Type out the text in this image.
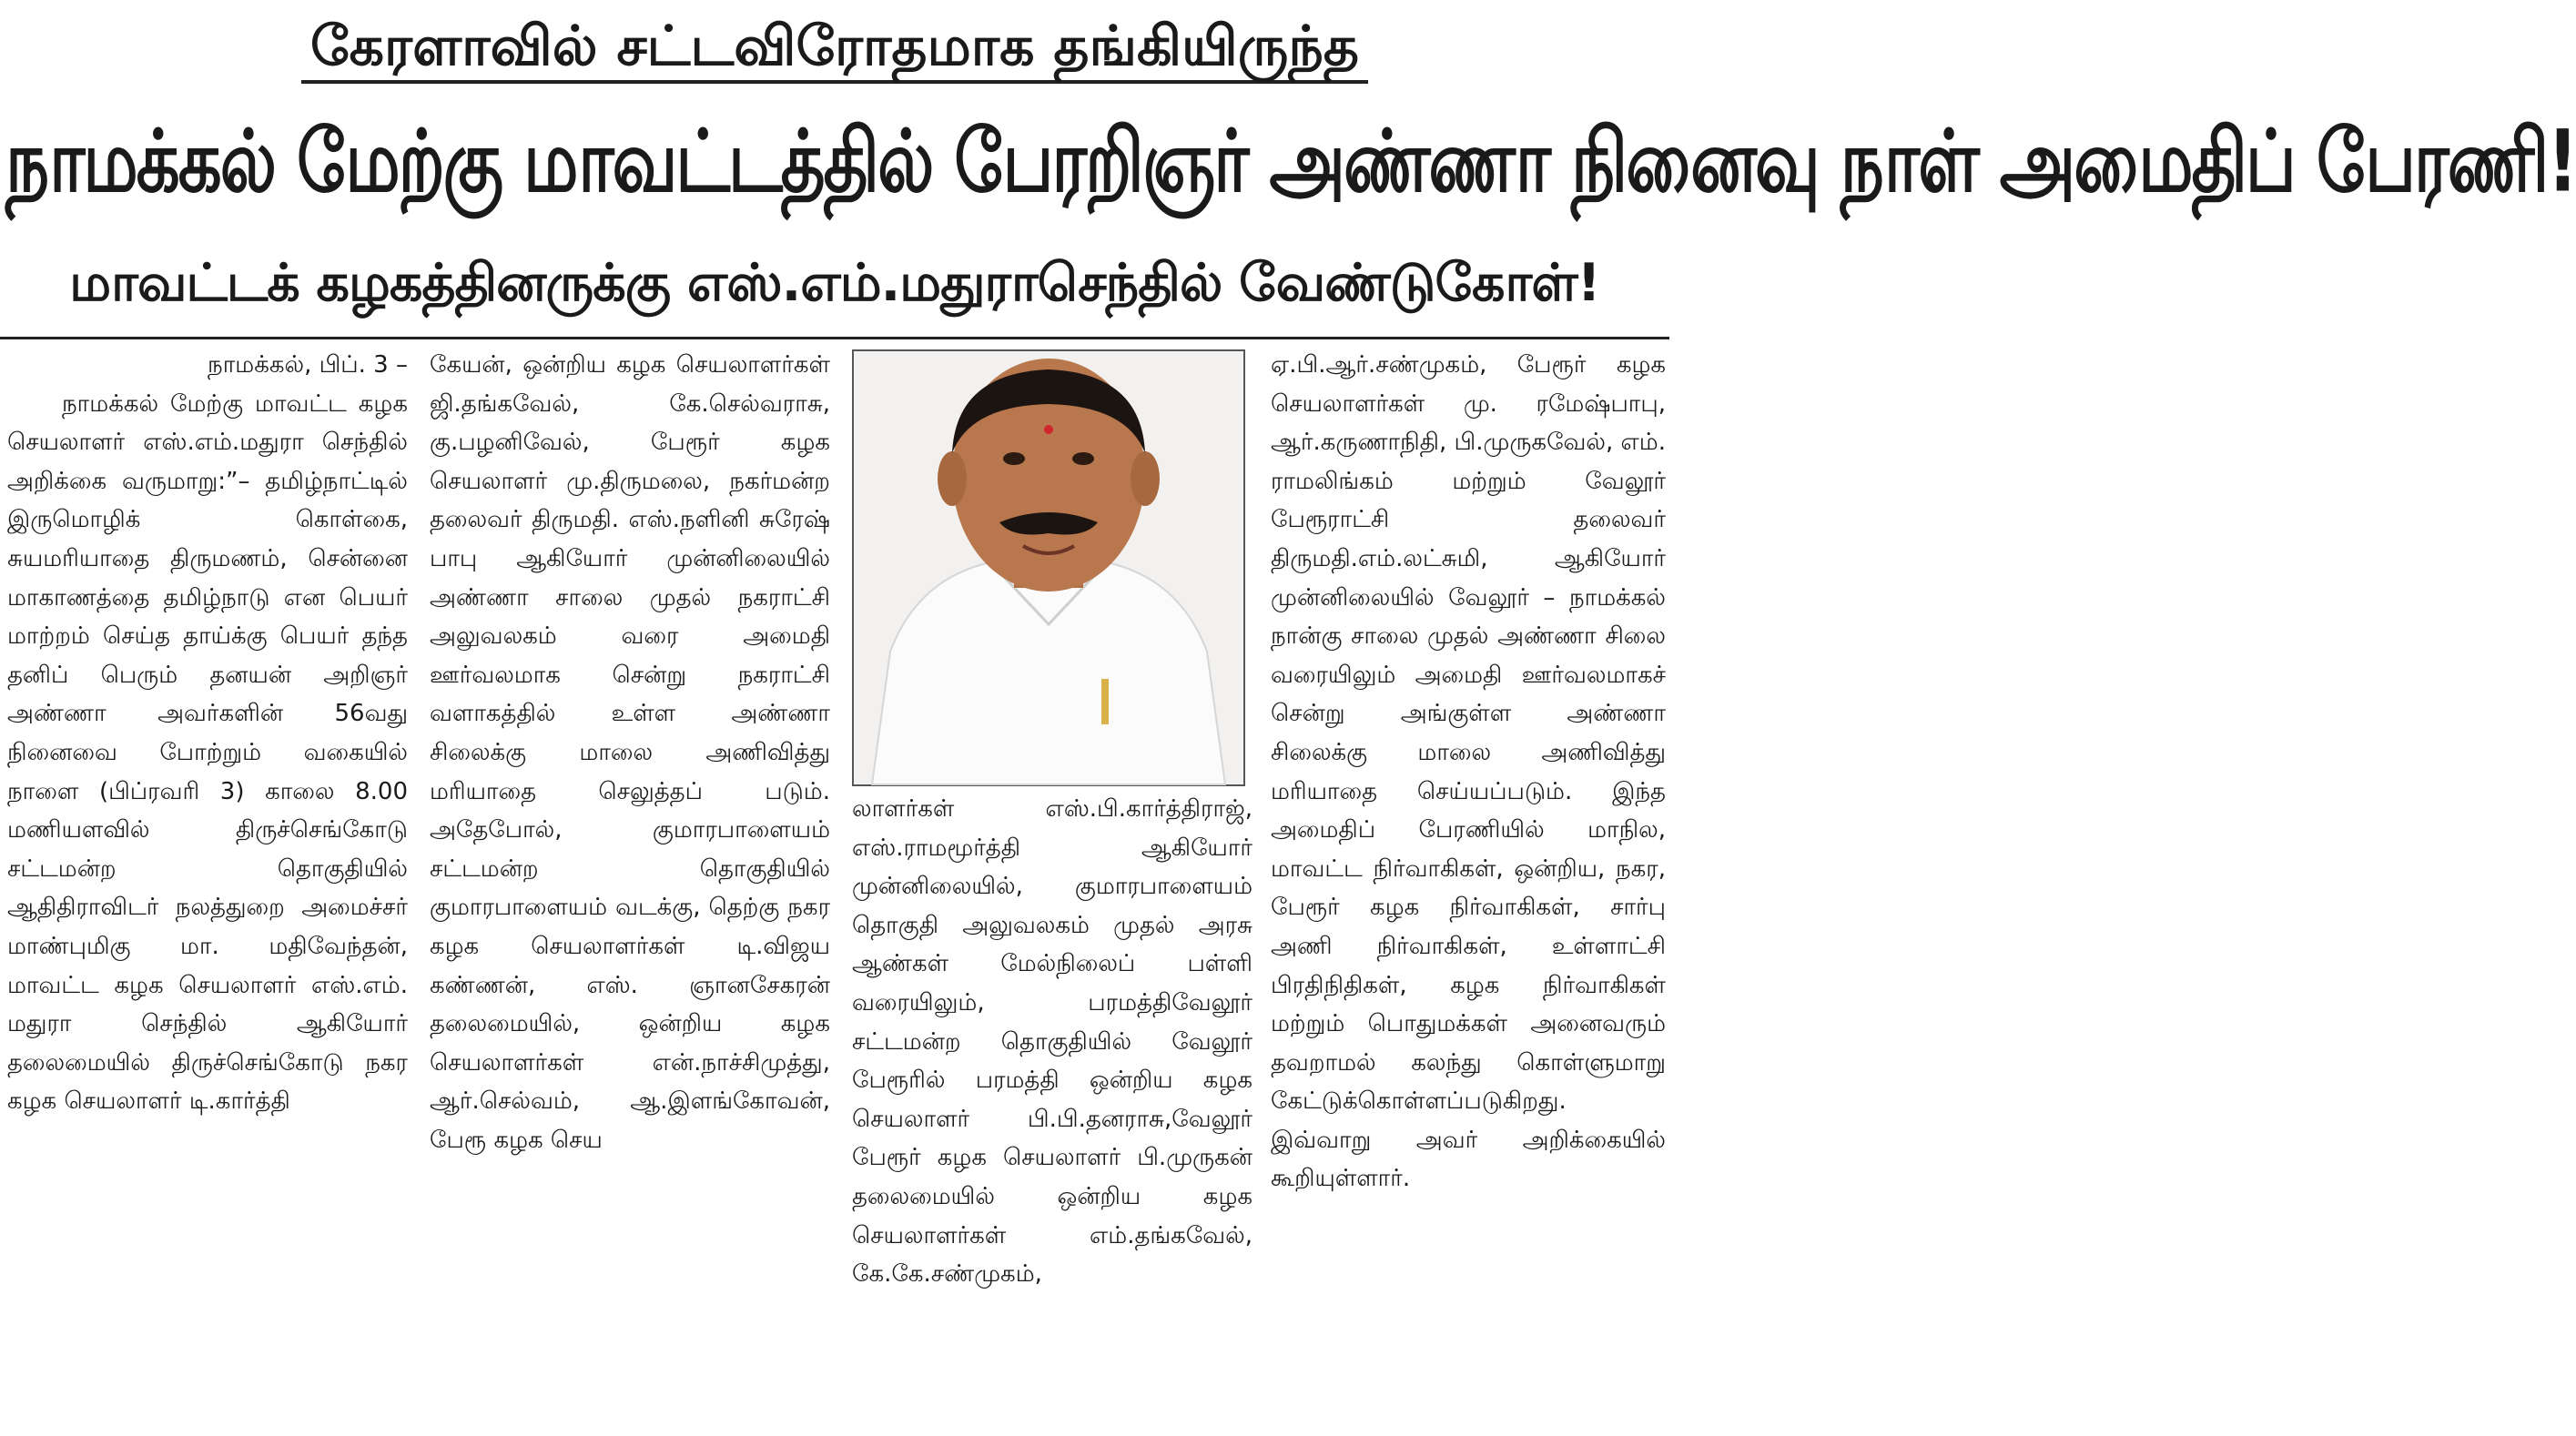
கேரளாவில் சட்டவிரோதமாக தங்கியிருந்த
நாமக்கல் மேற்கு மாவட்டத்தில் பேரறிஞர் அண்ணா நினைவு நாள் அமைதிப் பேரணி!
மாவட்டக் கழகத்தினருக்கு எஸ்.எம்.மதுராசெந்தில் வேண்டுகோள்!

நாமக்கல், பிப். 3 –

நாமக்கல் மேற்கு மாவட்ட கழக செயலாளர் எஸ்.எம்.மதுரா செந்தில் அறிக்கை வருமாறு:”– தமிழ்நாட்டில் இருமொழிக் கொள்கை, சுயமரியாதை திருமணம், சென்னை மாகாணத்தை தமிழ்நாடு என பெயர் மாற்றம் செய்த தாய்க்கு பெயர் தந்த தனிப் பெரும் தனயன் அறிஞர் அண்ணா அவர்களின் 56வது நினைவை போற்றும் வகையில் நாளை (பிப்ரவரி 3) காலை 8.00 மணியளவில் திருச்செங்கோடு சட்டமன்ற தொகுதியில் ஆதிதிராவிடர் நலத்துறை அமைச்சர் மாண்புமிகு மா. மதிவேந்தன், மாவட்ட கழக செயலாளர் எஸ்.எம். மதுரா செந்தில் ஆகியோர் தலைமையில் திருச்செங்கோடு நகர கழக செயலாளர் டி.கார்த்தி

கேயன், ஒன்றிய கழக செயலாளர்கள் ஜி.தங்கவேல், கே.செல்வராசு, கு.பழனிவேல், பேரூர் கழக செயலாளர் மு.திருமலை, நகர்மன்ற தலைவர் திருமதி. எஸ்.நளினி சுரேஷ் பாபு ஆகியோர் முன்னிலையில் அண்ணா சாலை முதல் நகராட்சி அலுவலகம் வரை அமைதி ஊர்வலமாக சென்று நகராட்சி வளாகத்தில் உள்ள அண்ணா சிலைக்கு மாலை அணிவித்து மரியாதை செலுத்தப் படும். அதேபோல், குமாரபாளையம் சட்டமன்ற தொகுதியில் குமாரபாளையம் வடக்கு, தெற்கு நகர கழக செயலாளர்கள் டி.விஜய கண்ணன், எஸ். ஞானசேகரன் தலைமையில், ஒன்றிய கழக செயலாளர்கள் என்.நாச்சிமுத்து, ஆர்.செல்வம், ஆ.இளங்கோவன், பேரூ கழக செய

லாளர்கள் எஸ்.பி.கார்த்திராஜ், எஸ்.ராமமூர்த்தி ஆகியோர் முன்னிலையில், குமாரபாளையம் தொகுதி அலுவலகம் முதல் அரசு ஆண்கள் மேல்நிலைப் பள்ளி வரையிலும், பரமத்திவேலூர் சட்டமன்ற தொகுதியில் வேலூர் பேரூரில் பரமத்தி ஒன்றிய கழக செயலாளர் பி.பி.தனராசு,வேலூர் பேரூர் கழக செயலாளர் பி.முருகன் தலைமையில் ஒன்றிய கழக செயலாளர்கள் எம்.தங்கவேல், கே.கே.சண்முகம்,

ஏ.பி.ஆர்.சண்முகம், பேரூர் கழக செயலாளர்கள் மு. ரமேஷ்பாபு, ஆர்.கருணாநிதி, பி.முருகவேல், எம். ராமலிங்கம் மற்றும் வேலூர் பேரூராட்சி தலைவர் திருமதி.எம்.லட்சுமி, ஆகியோர் முன்னிலையில் வேலூர் – நாமக்கல் நான்கு சாலை முதல் அண்ணா சிலை வரையிலும் அமைதி ஊர்வலமாகச் சென்று அங்குள்ள அண்ணா சிலைக்கு மாலை அணிவித்து மரியாதை செய்யப்படும். இந்த அமைதிப் பேரணியில் மாநில, மாவட்ட நிர்வாகிகள், ஒன்றிய, நகர, பேரூர் கழக நிர்வாகிகள், சார்பு அணி நிர்வாகிகள், உள்ளாட்சி பிரதிநிதிகள், கழக நிர்வாகிகள் மற்றும் பொதுமக்கள் அனைவரும் தவறாமல் கலந்து கொள்ளுமாறு கேட்டுக்கொள்ளப்படுகிறது. இவ்வாறு அவர் அறிக்கையில் கூறியுள்ளார்.
